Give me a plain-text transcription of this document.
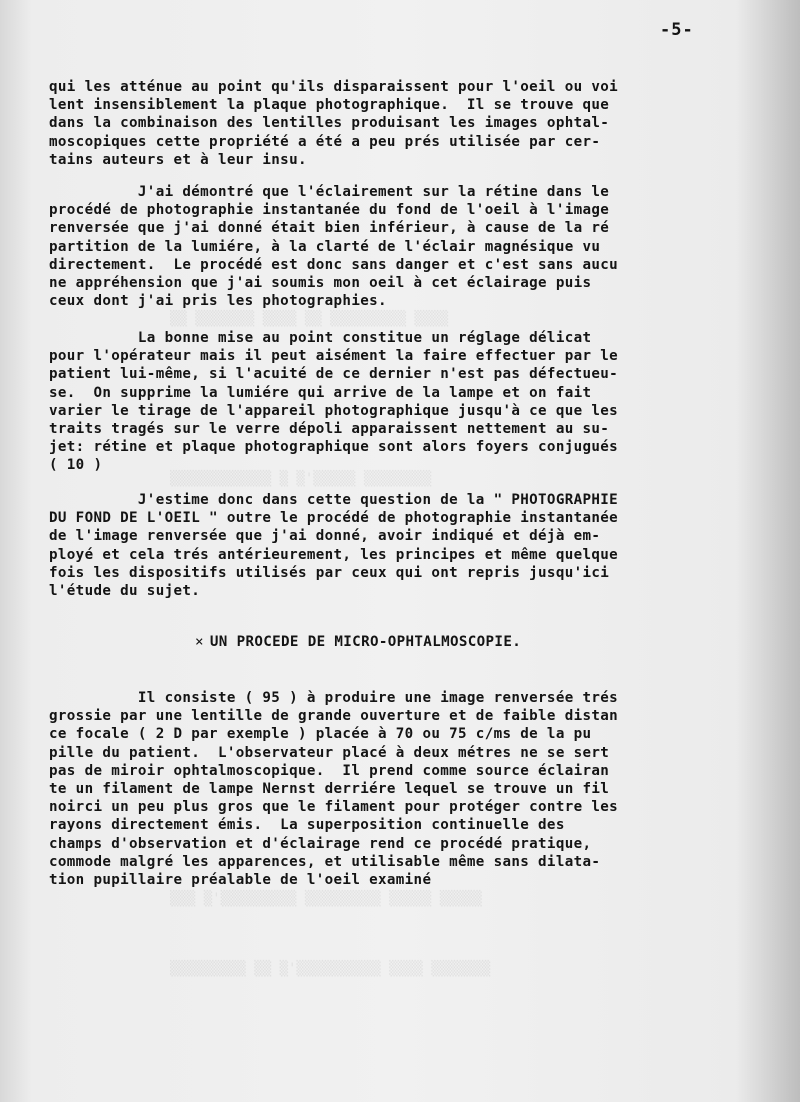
▒▒ ▒▒▒▒▒▒▒ ▒▒▒▒ ▒▒ ▒▒▒▒▒▒▒▒▒ ▒▒▒▒
▒▒▒▒▒▒▒▒▒▒▒▒ ▒ ▒'▒▒▒▒▒ ▒▒▒▒▒▒▒▒
▒▒▒ ▒'▒▒▒▒▒▒▒▒▒ ▒▒▒▒▒▒▒▒▒ ▒▒▒▒▒ ▒▒▒▒▒
▒▒▒▒▒▒▒▒▒ ▒▒ ▒'▒▒▒▒▒▒▒▒▒▒ ▒▒▒▒ ▒▒▒▒▒▒▒
-5-
qui les atténue au point qu'ils disparaissent pour l'oeil ou voi
lent insensiblement la plaque photographique.  Il se trouve que
dans la combinaison des lentilles produisant les images ophtal-
moscopiques cette propriété a été a peu prés utilisée par cer-
tains auteurs et à leur insu.
J'ai démontré que l'éclairement sur la rétine dans le
procédé de photographie instantanée du fond de l'oeil à l'image
renversée que j'ai donné était bien inférieur, à cause de la ré
partition de la lumiére, à la clarté de l'éclair magnésique vu
directement.  Le procédé est donc sans danger et c'est sans aucu
ne appréhension que j'ai soumis mon oeil à cet éclairage puis
ceux dont j'ai pris les photographies.
La bonne mise au point constitue un réglage délicat
pour l'opérateur mais il peut aisément la faire effectuer par le
patient lui-même, si l'acuité de ce dernier n'est pas défectueu-
se.  On supprime la lumiére qui arrive de la lampe et on fait
varier le tirage de l'appareil photographique jusqu'à ce que les
traits tragés sur le verre dépoli apparaissent nettement au su-
jet: rétine et plaque photographique sont alors foyers conjugués
( 10 )
J'estime donc dans cette question de la " PHOTOGRAPHIE
DU FOND DE L'OEIL " outre le procédé de photographie instantanée
de l'image renversée que j'ai donné, avoir indiqué et déjà em-
ployé et cela trés antérieurement, les principes et même quelque
fois les dispositifs utilisés par ceux qui ont repris jusqu'ici
l'étude du sujet.
× UN PROCEDE DE MICRO-OPHTALMOSCOPIE.
Il consiste ( 95 ) à produire une image renversée trés
grossie par une lentille de grande ouverture et de faible distan
ce focale ( 2 D par exemple ) placée à 70 ou 75 c/ms de la pu
pille du patient.  L'observateur placé à deux métres ne se sert
pas de miroir ophtalmoscopique.  Il prend comme source éclairan
te un filament de lampe Nernst derriére lequel se trouve un fil
noirci un peu plus gros que le filament pour protéger contre les
rayons directement émis.  La superposition continuelle des
champs d'observation et d'éclairage rend ce procédé pratique,
commode malgré les apparences, et utilisable même sans dilata-
tion pupillaire préalable de l'oeil examiné
